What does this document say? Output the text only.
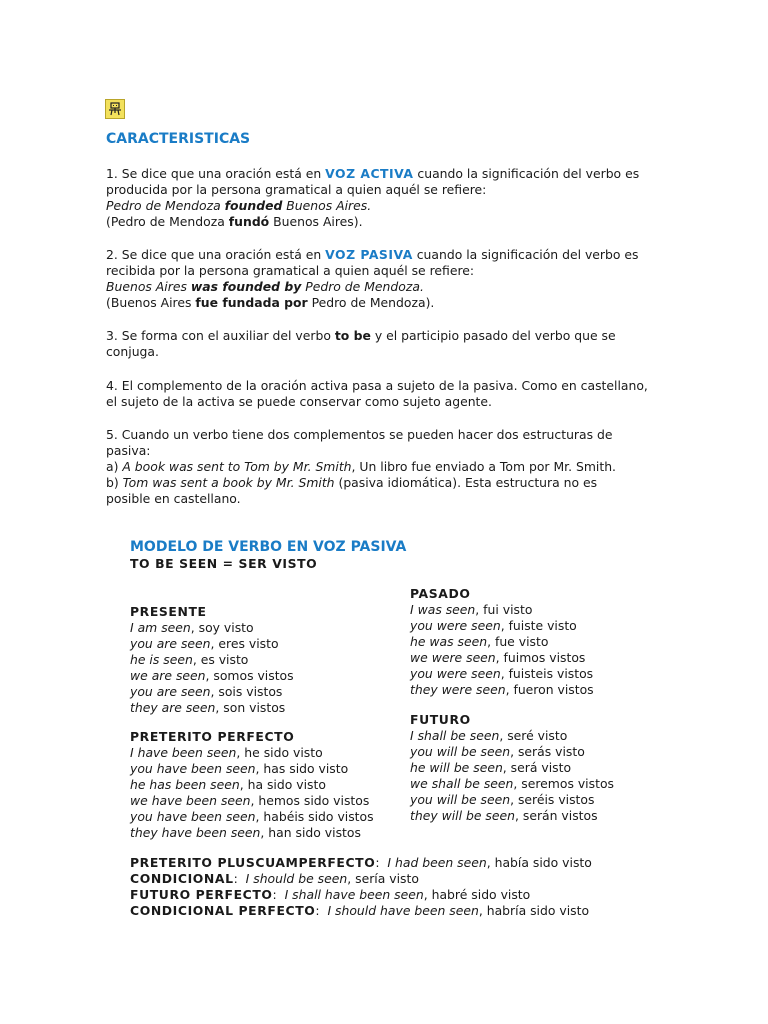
CARACTERISTICAS
1. Se dice que una oración está en VOZ ACTIVA cuando la significación del verbo es
producida por la persona gramatical a quien aquél se refiere:
Pedro de Mendoza founded Buenos Aires.
(Pedro de Mendoza fundó Buenos Aires).
2. Se dice que una oración está en VOZ PASIVA cuando la significación del verbo es
recibida por la persona gramatical a quien aquél se refiere:
Buenos Aires was founded by Pedro de Mendoza.
(Buenos Aires fue fundada por Pedro de Mendoza).
3. Se forma con el auxiliar del verbo to be y el participio pasado del verbo que se
conjuga.
4. El complemento de la oración activa pasa a sujeto de la pasiva. Como en castellano,
el sujeto de la activa se puede conservar como sujeto agente.
5. Cuando un verbo tiene dos complementos se pueden hacer dos estructuras de
pasiva:
a) A book was sent to Tom by Mr. Smith, Un libro fue enviado a Tom por Mr. Smith.
b) Tom was sent a book by Mr. Smith (pasiva idiomática). Esta estructura no es
posible en castellano.
MODELO DE VERBO EN VOZ PASIVA
TO BE SEEN = SER VISTO
PRESENTE
I am seen, soy visto
you are seen, eres visto
he is seen, es visto
we are seen, somos vistos
you are seen, sois vistos
they are seen, son vistos
PRETERITO PERFECTO
I have been seen, he sido visto
you have been seen, has sido visto
he has been seen, ha sido visto
we have been seen, hemos sido vistos
you have been seen, habéis sido vistos
they have been seen, han sido vistos
PASADO
I was seen, fui visto
you were seen, fuiste visto
he was seen, fue visto
we were seen, fuimos vistos
you were seen, fuisteis vistos
they were seen, fueron vistos
FUTURO
I shall be seen, seré visto
you will be seen, serás visto
he will be seen, será visto
we shall be seen, seremos vistos
you will be seen, seréis vistos
they will be seen, serán vistos
PRETERITO PLUSCUAMPERFECTO:  I had been seen, había sido visto
CONDICIONAL:  I should be seen, sería visto
FUTURO PERFECTO:  I shall have been seen, habré sido visto
CONDICIONAL PERFECTO:  I should have been seen, habría sido visto
